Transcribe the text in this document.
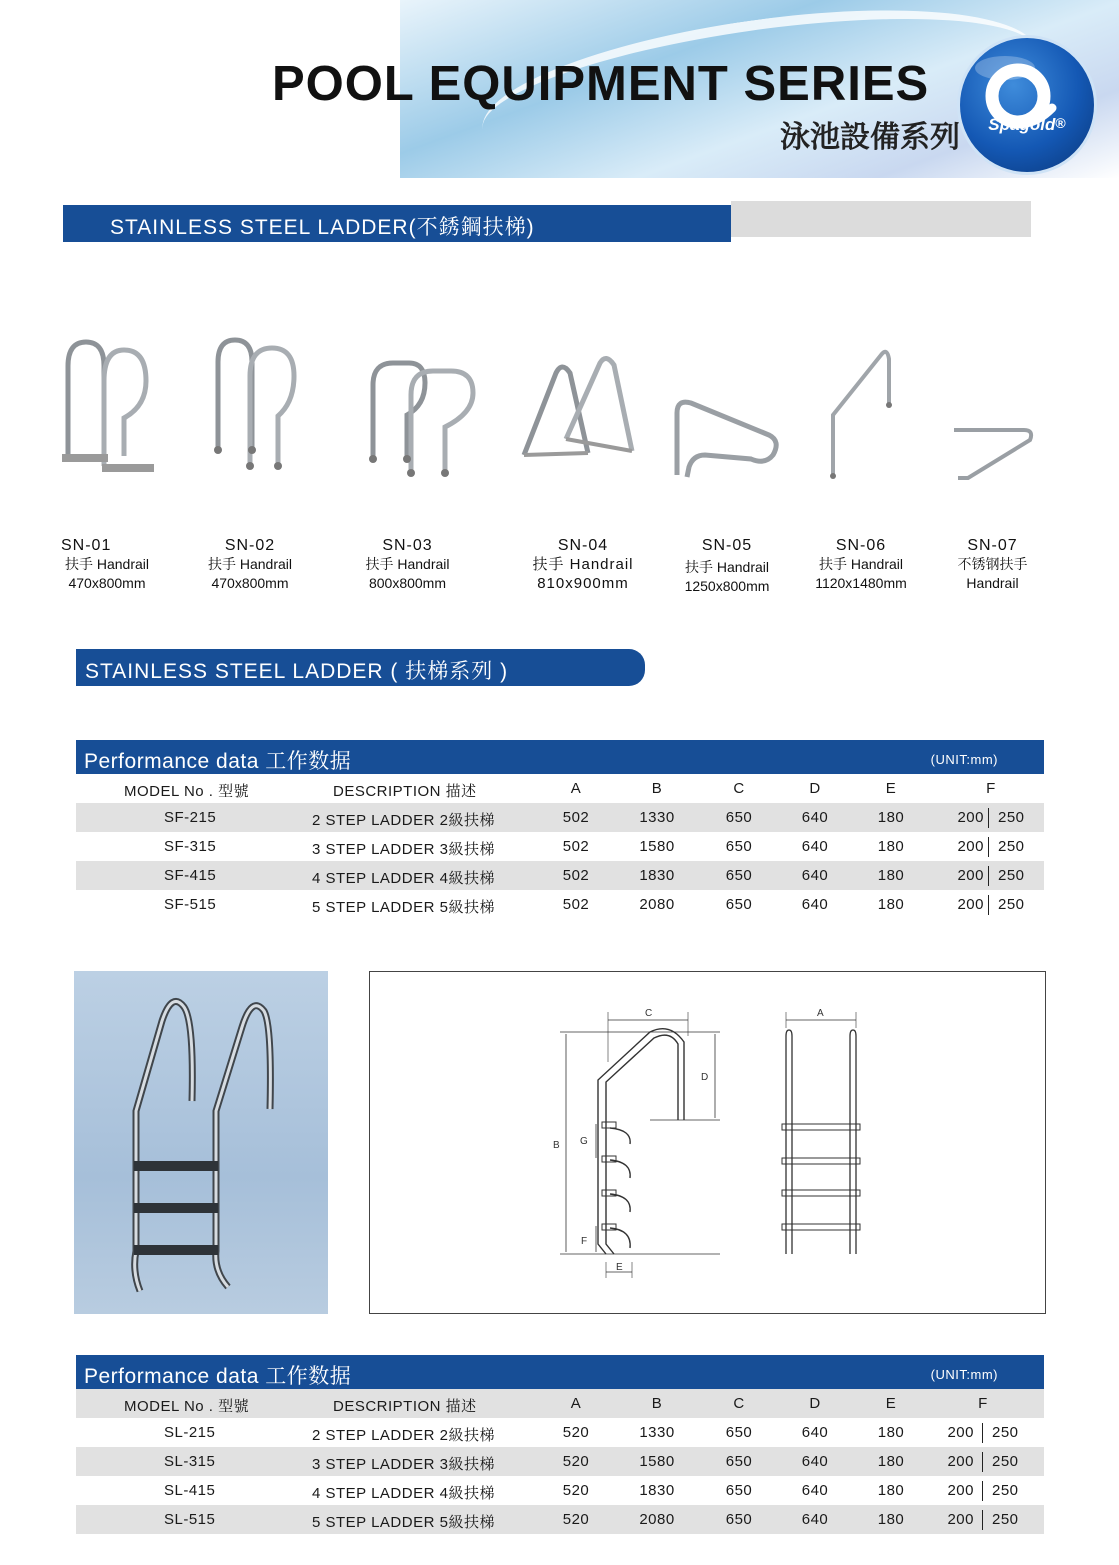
POOL EQUIPMENT SERIES
泳池設備系列	Spagold®
STAINLESS STEEL LADDER(不銹鋼扶梯)
SN-01
扶手 Handrail
470x800mm
SN-02
扶手 Handrail
470x800mm
SN-03
扶手 Handrail
800x800mm
SN-04
扶手 Handrail
810x900mm
SN-05
扶手 Handrail
1250x800mm
SN-06
扶手 Handrail
1120x1480mm
SN-07
不锈钢扶手
Handrail
STAINLESS STEEL LADDER ( 扶梯系列 )
Performance data 工作数据	(UNIT:mm)
MODEL No . 型號	DESCRIPTION 描述	A	B	C	D	E	F
SF-215	2 STEP LADDER 2級扶梯	502	1330	650	640	180	200 250
SF-315	3 STEP LADDER 3級扶梯	502	1580	650	640	180	200 250
SF-415	4 STEP LADDER 4級扶梯	502	1830	650	640	180	200 250
SF-515	5 STEP LADDER 5級扶梯	502	2080	650	640	180	200 250
C
D
B G
F
E
A
Performance data 工作数据	(UNIT:mm)
MODEL No . 型號	DESCRIPTION 描述	A	B	C	D	E	F
SL-215	2 STEP LADDER 2級扶梯	520	1330	650	640	180	200 250
SL-315	3 STEP LADDER 3級扶梯	520	1580	650	640	180	200 250
SL-415	4 STEP LADDER 4級扶梯	520	1830	650	640	180	200 250
SL-515	5 STEP LADDER 5級扶梯	520	2080	650	640	180	200 250
